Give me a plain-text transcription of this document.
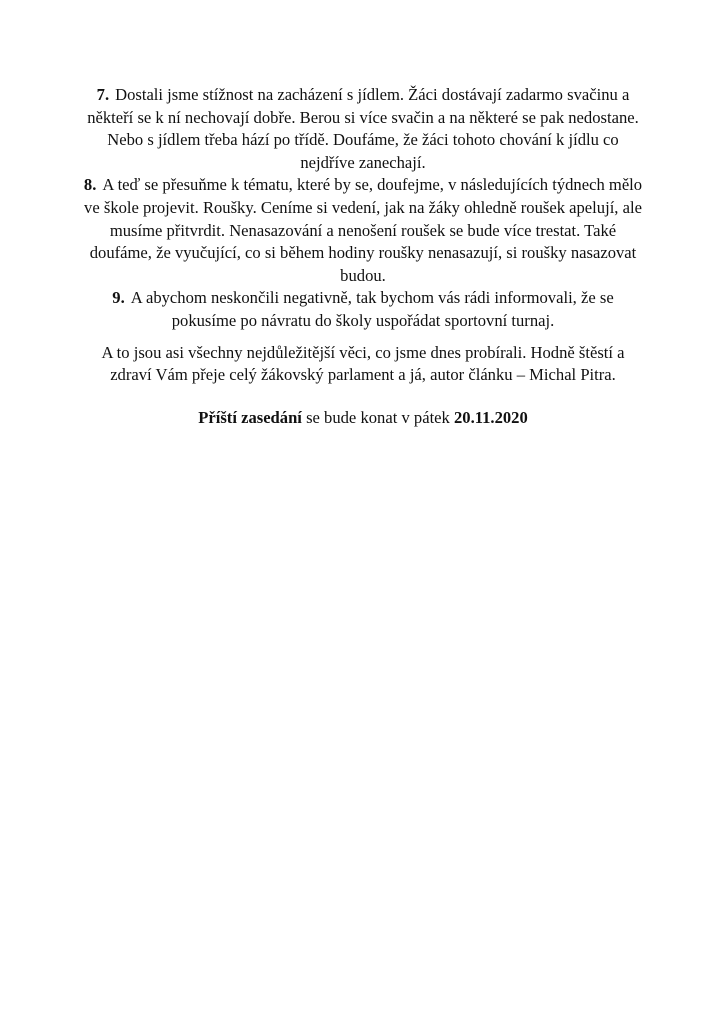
7. Dostali jsme stížnost na zacházení s jídlem. Žáci dostávají zadarmo svačinu a někteří se k ní nechovají dobře. Berou si více svačin a na některé se pak nedostane. Nebo s jídlem třeba hází po třídě. Doufáme, že žáci tohoto chování k jídlu co nejdříve zanechají.
8. A teď se přesuňme k tématu, které by se, doufejme, v následujících týdnech mělo ve škole projevit. Roušky. Ceníme si vedení, jak na žáky ohledně roušek apelují, ale musíme přitvrdit. Nenasazování a nenošení roušek se bude více trestat. Také doufáme, že vyučující, co si během hodiny roušky nenasazují, si roušky nasazovat budou.
9. A abychom neskončili negativně, tak bychom vás rádi informovali, že se pokusíme po návratu do školy uspořádat sportovní turnaj.

A to jsou asi všechny nejdůležitější věci, co jsme dnes probírali. Hodně štěstí a zdraví Vám přeje celý žákovský parlament a já, autor článku – Michal Pitra.

Příští zasedání se bude konat v pátek 20.11.2020
